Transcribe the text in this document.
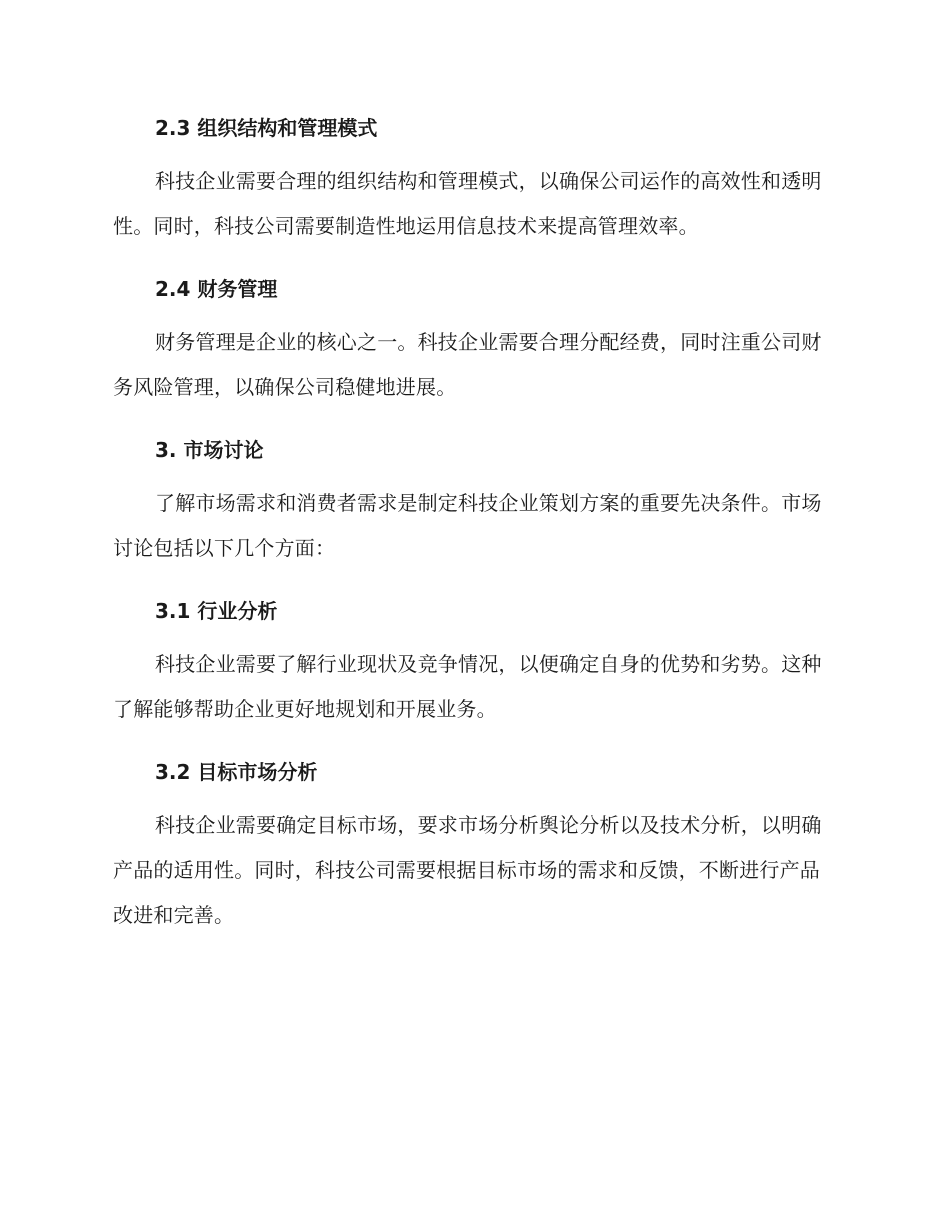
2.3 组织结构和管理模式
科技企业需要合理的组织结构和管理模式，以确保公司运作的高效性和透明性。同时，科技公司需要制造性地运用信息技术来提高管理效率。
2.4 财务管理
财务管理是企业的核心之一。科技企业需要合理分配经费，同时注重公司财务风险管理，以确保公司稳健地进展。
3. 市场讨论
了解市场需求和消费者需求是制定科技企业策划方案的重要先决条件。市场讨论包括以下几个方面：
3.1 行业分析
科技企业需要了解行业现状及竞争情况，以便确定自身的优势和劣势。这种了解能够帮助企业更好地规划和开展业务。
3.2 目标市场分析
科技企业需要确定目标市场，要求市场分析舆论分析以及技术分析，以明确产品的适用性。同时，科技公司需要根据目标市场的需求和反馈，不断进行产品改进和完善。
